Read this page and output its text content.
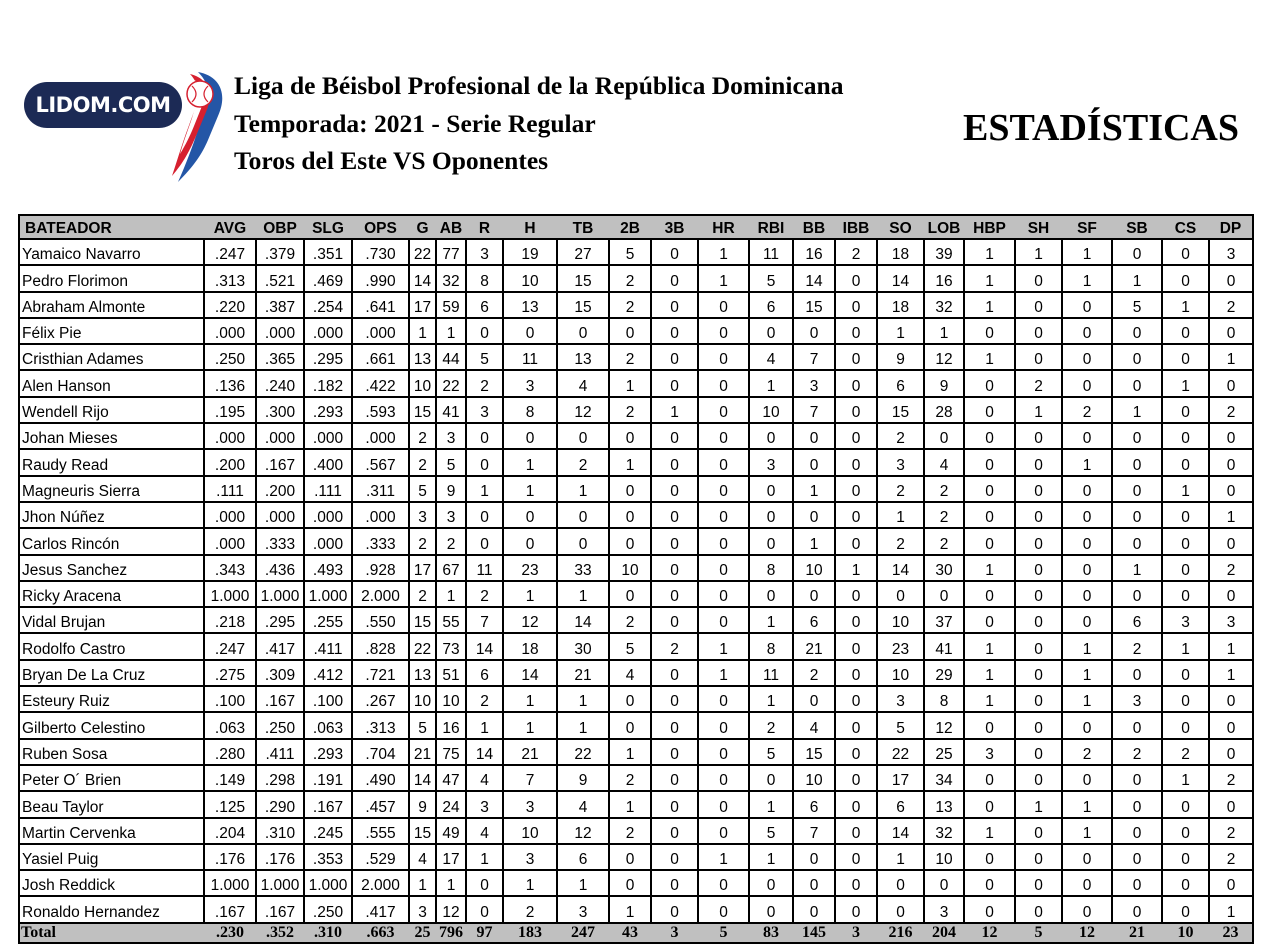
LIDOM.COM
Liga de Béisbol Profesional de la República Dominicana
Temporada: 2021 - Serie Regular
Toros del Este VS Oponentes
ESTADÍSTICAS
BATEADOR	AVG	OBP	SLG	OPS	G	AB	R	H	TB	2B	3B	HR	RBI	BB	IBB	SO	LOB	HBP	SH	SF	SB	CS	DP
Yamaico Navarro	.247	.379	.351	.730	22	77	3	19	27	5	0	1	11	16	2	18	39	1	1	1	0	0	3
Pedro Florimon	.313	.521	.469	.990	14	32	8	10	15	2	0	1	5	14	0	14	16	1	0	1	1	0	0
Abraham Almonte	.220	.387	.254	.641	17	59	6	13	15	2	0	0	6	15	0	18	32	1	0	0	5	1	2
Félix Pie	.000	.000	.000	.000	1	1	0	0	0	0	0	0	0	0	0	1	1	0	0	0	0	0	0
Cristhian Adames	.250	.365	.295	.661	13	44	5	11	13	2	0	0	4	7	0	9	12	1	0	0	0	0	1
Alen Hanson	.136	.240	.182	.422	10	22	2	3	4	1	0	0	1	3	0	6	9	0	2	0	0	1	0
Wendell Rijo	.195	.300	.293	.593	15	41	3	8	12	2	1	0	10	7	0	15	28	0	1	2	1	0	2
Johan Mieses	.000	.000	.000	.000	2	3	0	0	0	0	0	0	0	0	0	2	0	0	0	0	0	0	0
Raudy Read	.200	.167	.400	.567	2	5	0	1	2	1	0	0	3	0	0	3	4	0	0	1	0	0	0
Magneuris Sierra	.111	.200	.111	.311	5	9	1	1	1	0	0	0	0	1	0	2	2	0	0	0	0	1	0
Jhon Núñez	.000	.000	.000	.000	3	3	0	0	0	0	0	0	0	0	0	1	2	0	0	0	0	0	1
Carlos Rincón	.000	.333	.000	.333	2	2	0	0	0	0	0	0	0	1	0	2	2	0	0	0	0	0	0
Jesus Sanchez	.343	.436	.493	.928	17	67	11	23	33	10	0	0	8	10	1	14	30	1	0	0	1	0	2
Ricky Aracena	1.000	1.000	1.000	2.000	2	1	2	1	1	0	0	0	0	0	0	0	0	0	0	0	0	0	0
Vidal Brujan	.218	.295	.255	.550	15	55	7	12	14	2	0	0	1	6	0	10	37	0	0	0	6	3	3
Rodolfo Castro	.247	.417	.411	.828	22	73	14	18	30	5	2	1	8	21	0	23	41	1	0	1	2	1	1
Bryan De La Cruz	.275	.309	.412	.721	13	51	6	14	21	4	0	1	11	2	0	10	29	1	0	1	0	0	1
Esteury Ruiz	.100	.167	.100	.267	10	10	2	1	1	0	0	0	1	0	0	3	8	1	0	1	3	0	0
Gilberto Celestino	.063	.250	.063	.313	5	16	1	1	1	0	0	0	2	4	0	5	12	0	0	0	0	0	0
Ruben Sosa	.280	.411	.293	.704	21	75	14	21	22	1	0	0	5	15	0	22	25	3	0	2	2	2	0
Peter O´ Brien	.149	.298	.191	.490	14	47	4	7	9	2	0	0	0	10	0	17	34	0	0	0	0	1	2
Beau Taylor	.125	.290	.167	.457	9	24	3	3	4	1	0	0	1	6	0	6	13	0	1	1	0	0	0
Martin Cervenka	.204	.310	.245	.555	15	49	4	10	12	2	0	0	5	7	0	14	32	1	0	1	0	0	2
Yasiel Puig	.176	.176	.353	.529	4	17	1	3	6	0	0	1	1	0	0	1	10	0	0	0	0	0	2
Josh Reddick	1.000	1.000	1.000	2.000	1	1	0	1	1	0	0	0	0	0	0	0	0	0	0	0	0	0	0
Ronaldo Hernandez	.167	.167	.250	.417	3	12	0	2	3	1	0	0	0	0	0	0	3	0	0	0	0	0	1
Total	.230	.352	.310	.663	25	796	97	183	247	43	3	5	83	145	3	216	204	12	5	12	21	10	23
